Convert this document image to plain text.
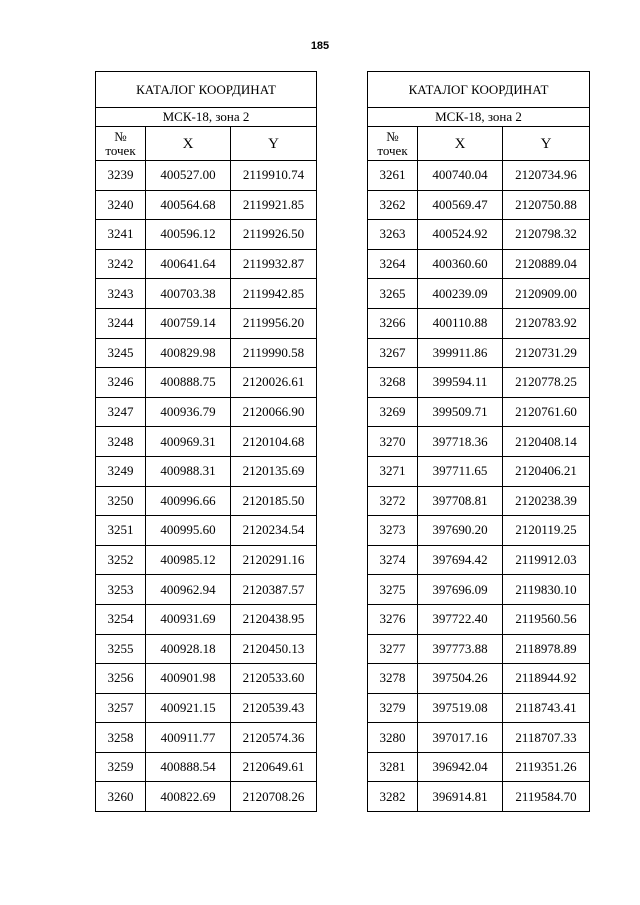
185
КАТАЛОГ КООРДИНАТ		
МСК-18, зона 2		

№
точек	X	Y
3239	400527.00	2119910.74
3240	400564.68	2119921.85
3241	400596.12	2119926.50
3242	400641.64	2119932.87
3243	400703.38	2119942.85
3244	400759.14	2119956.20
3245	400829.98	2119990.58
3246	400888.75	2120026.61
3247	400936.79	2120066.90
3248	400969.31	2120104.68
3249	400988.31	2120135.69
3250	400996.66	2120185.50
3251	400995.60	2120234.54
3252	400985.12	2120291.16
3253	400962.94	2120387.57
3254	400931.69	2120438.95
3255	400928.18	2120450.13
3256	400901.98	2120533.60
3257	400921.15	2120539.43
3258	400911.77	2120574.36
3259	400888.54	2120649.61
3260	400822.69	2120708.26
КАТАЛОГ КООРДИНАТ		
МСК-18, зона 2		

№
точек	X	Y
3261	400740.04	2120734.96
3262	400569.47	2120750.88
3263	400524.92	2120798.32
3264	400360.60	2120889.04
3265	400239.09	2120909.00
3266	400110.88	2120783.92
3267	399911.86	2120731.29
3268	399594.11	2120778.25
3269	399509.71	2120761.60
3270	397718.36	2120408.14
3271	397711.65	2120406.21
3272	397708.81	2120238.39
3273	397690.20	2120119.25
3274	397694.42	2119912.03
3275	397696.09	2119830.10
3276	397722.40	2119560.56
3277	397773.88	2118978.89
3278	397504.26	2118944.92
3279	397519.08	2118743.41
3280	397017.16	2118707.33
3281	396942.04	2119351.26
3282	396914.81	2119584.70
